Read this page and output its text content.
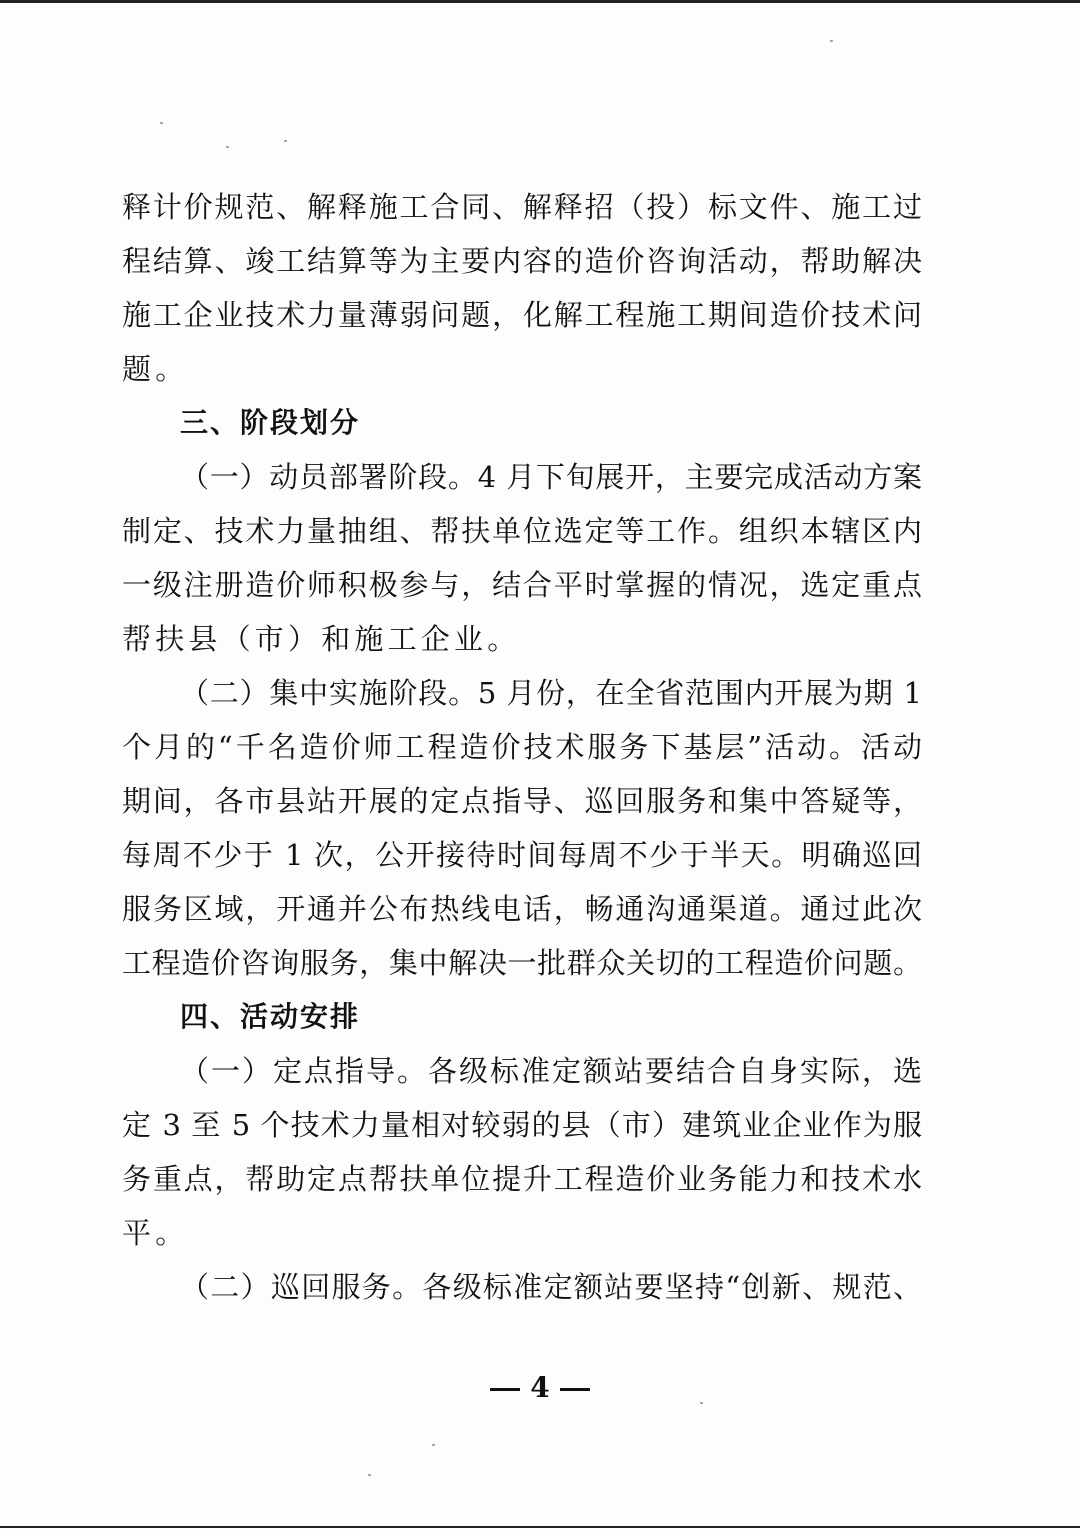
释计价规范、解释施工合同、解释招（投）标文件、施工过
程结算、竣工结算等为主要内容的造价咨询活动，帮助解决
施工企业技术力量薄弱问题，化解工程施工期间造价技术问
题。
三、阶段划分
（一）动员部署阶段。4 月下旬展开，主要完成活动方案
制定、技术力量抽组、帮扶单位选定等工作。组织本辖区内
一级注册造价师积极参与，结合平时掌握的情况，选定重点
帮扶县（市）和施工企业。
（二）集中实施阶段。5 月份，在全省范围内开展为期 1
个月的“千名造价师工程造价技术服务下基层”活动。活动
期间，各市县站开展的定点指导、巡回服务和集中答疑等，
每周不少于 1 次，公开接待时间每周不少于半天。明确巡回
服务区域，开通并公布热线电话，畅通沟通渠道。通过此次
工程造价咨询服务，集中解决一批群众关切的工程造价问题。
四、活动安排
（一）定点指导。各级标准定额站要结合自身实际，选
定 3 至 5 个技术力量相对较弱的县（市）建筑业企业作为服
务重点，帮助定点帮扶单位提升工程造价业务能力和技术水
平。
（二）巡回服务。各级标准定额站要坚持“创新、规范、
4
